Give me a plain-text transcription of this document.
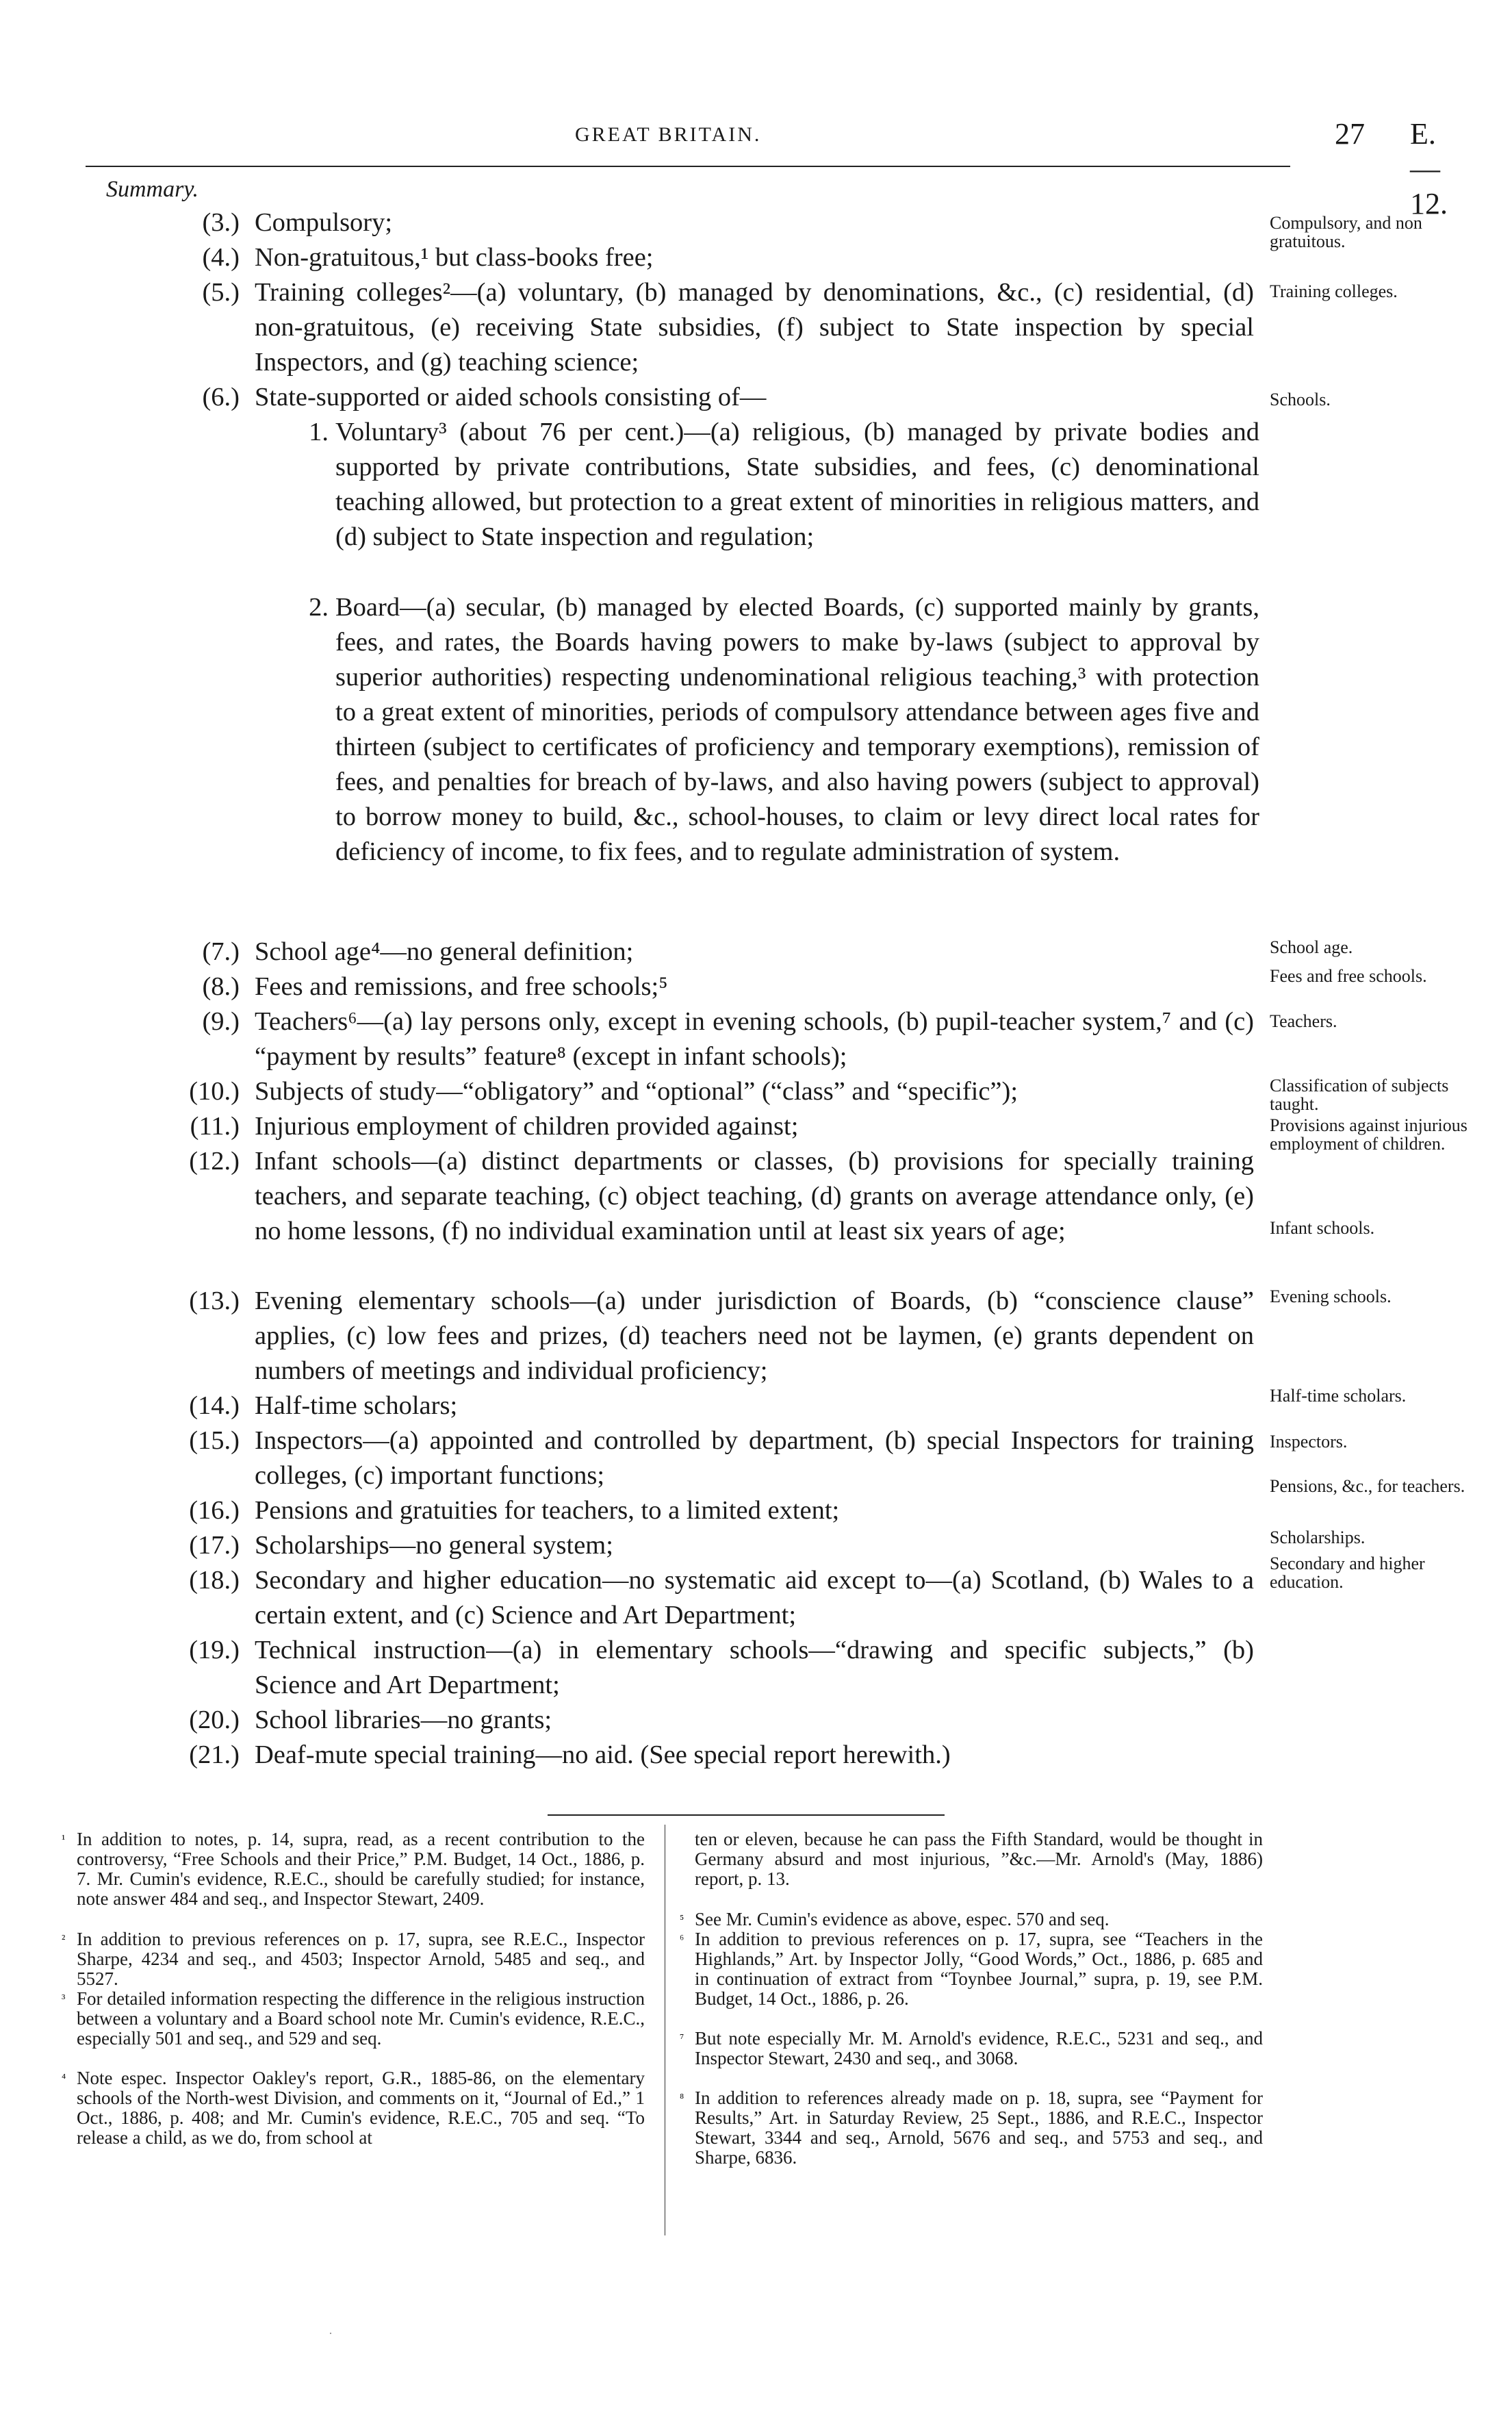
GREAT BRITAIN.	27 E.—12.
Summary.
(3.) Compulsory;
(4.) Non-gratuitous,¹ but class-books free;
(5.) Training colleges²—(a) voluntary, (b) managed by denominations, &c., (c) residential, (d) non-gratuitous, (e) receiving State subsidies, (f) subject to State inspection by special Inspectors, and (g) teaching science;
(6.) State-supported or aided schools consisting of—
1. Voluntary³ (about 76 per cent.)—(a) religious, (b) managed by private bodies and supported by private contributions, State subsidies, and fees, (c) denominational teaching allowed, but protection to a great extent of minorities in religious matters, and (d) subject to State inspection and regulation;
2. Board—(a) secular, (b) managed by elected Boards, (c) supported mainly by grants, fees, and rates, the Boards having powers to make by-laws (subject to approval by superior authorities) respecting undenominational religious teaching,³ with protection to a great extent of minorities, periods of compulsory attendance between ages five and thirteen (subject to certificates of proficiency and temporary exemptions), remission of fees, and penalties for breach of by-laws, and also having powers (subject to approval) to borrow money to build, &c., school-houses, to claim or levy direct local rates for deficiency of income, to fix fees, and to regulate administration of system.
(7.) School age⁴—no general definition;
(8.) Fees and remissions, and free schools;⁵
(9.) Teachers⁶—(a) lay persons only, except in evening schools, (b) pupil-teacher system,⁷ and (c) “payment by results” feature⁸ (except in infant schools);
(10.) Subjects of study—“obligatory” and “optional” (“class” and “specific”);
(11.) Injurious employment of children provided against;
(12.) Infant schools—(a) distinct departments or classes, (b) provisions for specially training teachers, and separate teaching, (c) object teaching, (d) grants on average attendance only, (e) no home lessons, (f) no individual examination until at least six years of age;
(13.) Evening elementary schools—(a) under jurisdiction of Boards, (b) “conscience clause” applies, (c) low fees and prizes, (d) teachers need not be laymen, (e) grants dependent on numbers of meetings and individual proficiency;
(14.) Half-time scholars;
(15.) Inspectors—(a) appointed and controlled by department, (b) special Inspectors for training colleges, (c) important functions;
(16.) Pensions and gratuities for teachers, to a limited extent;
(17.) Scholarships—no general system;
(18.) Secondary and higher education—no systematic aid except to—(a) Scotland, (b) Wales to a certain extent, and (c) Science and Art Department;
(19.) Technical instruction—(a) in elementary schools—“drawing and specific subjects,” (b) Science and Art Department;
(20.) School libraries—no grants;
(21.) Deaf-mute special training—no aid. (See special report herewith.)
Compulsory, and non gratuitous.
Training colleges.
Schools.
School age.
Fees and free schools.
Teachers.
Classification of subjects taught.
Provisions against injurious employment of children.
Infant schools.
Evening schools.
Half-time scholars.
Inspectors.
Pensions, &c., for teachers.
Scholarships.
Secondary and higher education.
¹ In addition to notes, p. 14, supra, read, as a recent contribution to the controversy, “Free Schools and their Price,” P.M. Budget, 14 Oct., 1886, p. 7. Mr. Cumin's evidence, R.E.C., should be carefully studied; for instance, note answer 484 and seq., and Inspector Stewart, 2409.
² In addition to previous references on p. 17, supra, see R.E.C., Inspector Sharpe, 4234 and seq., and 4503; Inspector Arnold, 5485 and seq., and 5527.
³ For detailed information respecting the difference in the religious instruction between a voluntary and a Board school note Mr. Cumin's evidence, R.E.C., especially 501 and seq., and 529 and seq.
⁴ Note espec. Inspector Oakley's report, G.R., 1885-86, on the elementary schools of the North-west Division, and comments on it, “Journal of Ed.,” 1 Oct., 1886, p. 408; and Mr. Cumin's evidence, R.E.C., 705 and seq. “To release a child, as we do, from school at
ten or eleven, because he can pass the Fifth Standard, would be thought in Germany absurd and most injurious, ”&c.—Mr. Arnold's (May, 1886) report, p. 13.
⁵ See Mr. Cumin's evidence as above, espec. 570 and seq.
⁶ In addition to previous references on p. 17, supra, see “Teachers in the Highlands,” Art. by Inspector Jolly, “Good Words,” Oct., 1886, p. 685 and in continuation of extract from “Toynbee Journal,” supra, p. 19, see P.M. Budget, 14 Oct., 1886, p. 26.
⁷ But note especially Mr. M. Arnold's evidence, R.E.C., 5231 and seq., and Inspector Stewart, 2430 and seq., and 3068.
⁸ In addition to references already made on p. 18, supra, see “Payment for Results,” Art. in Saturday Review, 25 Sept., 1886, and R.E.C., Inspector Stewart, 3344 and seq., Arnold, 5676 and seq., and 5753 and seq., and Sharpe, 6836.
·
